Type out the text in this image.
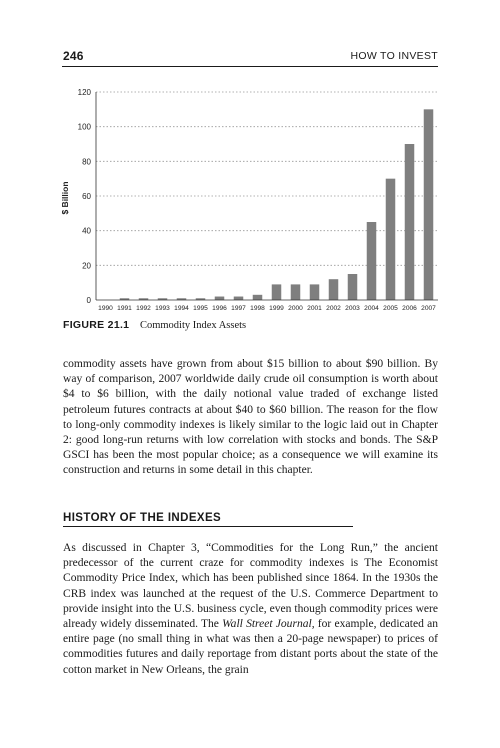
246	HOW TO INVEST
0
20
40
60
80
100
120
$ Billion
1990 1991 1992 1993 1994 1995 1996 1997 1998 1999 2000 2001 2002 2003 2004 2005 2006 2007
FIGURE 21.1 Commodity Index Assets

commodity assets have grown from about $15 billion to about $90 billion. By way of comparison, 2007 worldwide daily crude oil consumption is worth about $4 to $6 billion, with the daily notional value traded of exchange listed petroleum futures contracts at about $40 to $60 billion. The reason for the flow to long-only commodity indexes is likely similar to the logic laid out in Chapter 2: good long-run returns with low correlation with stocks and bonds. The S&P GSCI has been the most popular choice; as a consequence we will examine its construction and returns in some detail in this chapter.

HISTORY OF THE INDEXES

As discussed in Chapter 3, “Commodities for the Long Run,” the ancient predecessor of the current craze for commodity indexes is The Economist Commodity Price Index, which has been published since 1864. In the 1930s the CRB index was launched at the request of the U.S. Commerce Department to provide insight into the U.S. business cycle, even though commodity prices were already widely disseminated. The Wall Street Journal, for example, dedicated an entire page (no small thing in what was then a 20-page newspaper) to prices of commodities futures and daily reportage from distant ports about the state of the cotton market in New Orleans, the grain
